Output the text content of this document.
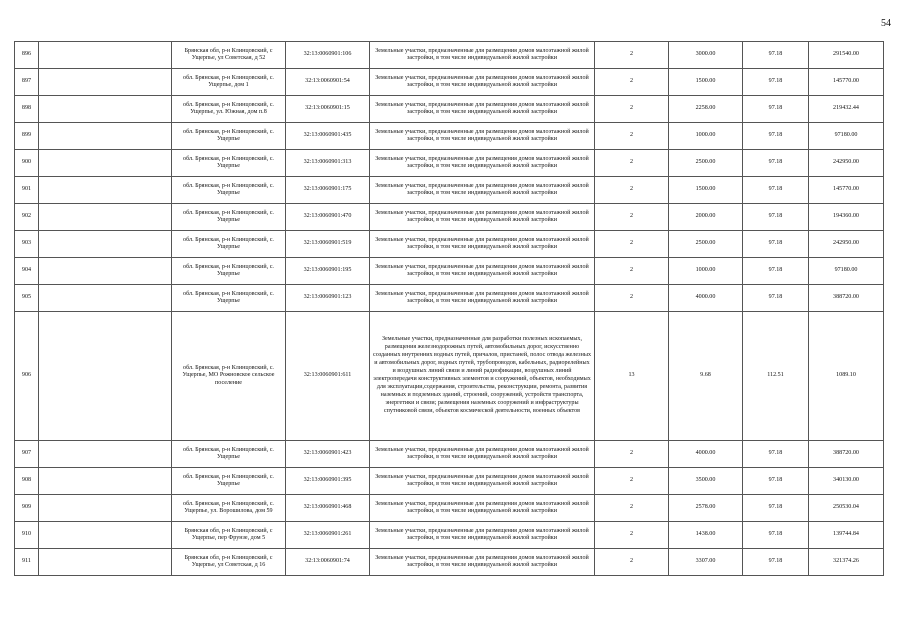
54
896		Брянская обл, р-н Клинцовский, с Ущерпье, ул Советская, д 52	32:13:0060901:106	Земельные участки, предназначенные для размещения домов малоэтажной жилой застройки, в том числе индивидуальной жилой застройки	2	3000.00	97.18	291540.00
897		обл. Брянская, р-н Клинцовский, с. Ущерпье, дом 1	32:13:0060901:54	Земельные участки, предназначенные для размещения домов малоэтажной жилой застройки, в том числе индивидуальной жилой застройки	2	1500.00	97.18	145770.00
898		обл. Брянская, р-н Клинцовский, с. Ущерпье, ул. Южная, дом п.8	32:13:0060901:15	Земельные участки, предназначенные для размещения домов малоэтажной жилой застройки, в том числе индивидуальной жилой застройки	2	2258.00	97.18	219432.44
899		обл. Брянская, р-н Клинцовский, с. Ущерпье	32:13:0060901:435	Земельные участки, предназначенные для размещения домов малоэтажной жилой застройки, в том числе индивидуальной жилой застройки	2	1000.00	97.18	97180.00
900		обл. Брянская, р-н Клинцовский, с. Ущерпье	32:13:0060901:313	Земельные участки, предназначенные для размещения домов малоэтажной жилой застройки, в том числе индивидуальной жилой застройки	2	2500.00	97.18	242950.00
901		обл. Брянская, р-н Клинцовский, с. Ущерпье	32:13:0060901:175	Земельные участки, предназначенные для размещения домов малоэтажной жилой застройки, в том числе индивидуальной жилой застройки	2	1500.00	97.18	145770.00
902		обл. Брянская, р-н Клинцовский, с. Ущерпье	32:13:0060901:470	Земельные участки, предназначенные для размещения домов малоэтажной жилой застройки, в том числе индивидуальной жилой застройки	2	2000.00	97.18	194360.00
903		обл. Брянская, р-н Клинцовский, с. Ущерпье	32:13:0060901:519	Земельные участки, предназначенные для размещения домов малоэтажной жилой застройки, в том числе индивидуальной жилой застройки	2	2500.00	97.18	242950.00
904		обл. Брянская, р-н Клинцовский, с. Ущерпье	32:13:0060901:195	Земельные участки, предназначенные для размещения домов малоэтажной жилой застройки, в том числе индивидуальной жилой застройки	2	1000.00	97.18	97180.00
905		обл. Брянская, р-н Клинцовский, с. Ущерпье	32:13:0060901:123	Земельные участки, предназначенные для размещения домов малоэтажной жилой застройки, в том числе индивидуальной жилой застройки	2	4000.00	97.18	388720.00
906		обл. Брянская, р-н Клинцовский, с. Ущерпье, МО Рожновское сельское поселение	32:13:0060901:611	Земельные участки, предназначенные для разработки полезных ископаемых, размещения железнодорожных путей, автомобильных дорог, искусственно созданных внутренних водных путей, причалов, пристаней, полос отвода железных и автомобильных дорог, водных путей, трубопроводов, кабельных, радиорелейных и воздушных линий связи и линий радиофикации, воздушных линий электропередачи конструктивных элементов и сооружений, объектов, необходимых для эксплуатации,содержания, строительства, реконструкции, ремонта, развития наземных и подземных зданий, строений, сооружений, устройств транспорта, энергетики и связи; размещения наземных сооружений и инфраструктуры спутниковой связи, объектов космической деятельности, военных объектов	13	9.68	112.51	1089.10
907		обл. Брянская, р-н Клинцовский, с. Ущерпье	32:13:0060901:423	Земельные участки, предназначенные для размещения домов малоэтажной жилой застройки, в том числе индивидуальной жилой застройки	2	4000.00	97.18	388720.00
908		обл. Брянская, р-н Клинцовский, с. Ущерпье	32:13:0060901:395	Земельные участки, предназначенные для размещения домов малоэтажной жилой застройки, в том числе индивидуальной жилой застройки	2	3500.00	97.18	340130.00
909		обл. Брянская, р-н Клинцовский, с. Ущерпье, ул. Ворошилова, дом 59	32:13:0060901:468	Земельные участки, предназначенные для размещения домов малоэтажной жилой застройки, в том числе индивидуальной жилой застройки	2	2578.00	97.18	250530.04
910		Брянская обл, р-н Клинцовский, с Ущерпье, пер Фрунзе, дом 5	32:13:0060901:261	Земельные участки, предназначенные для размещения домов малоэтажной жилой застройки, в том числе индивидуальной жилой застройки	2	1438.00	97.18	139744.84
911		Брянская обл, р-н Клинцовский, с Ущерпье, ул Советская, д 16	32:13:0060901:74	Земельные участки, предназначенные для размещения домов малоэтажной жилой застройки, в том числе индивидуальной жилой застройки	2	3307.00	97.18	321374.26
